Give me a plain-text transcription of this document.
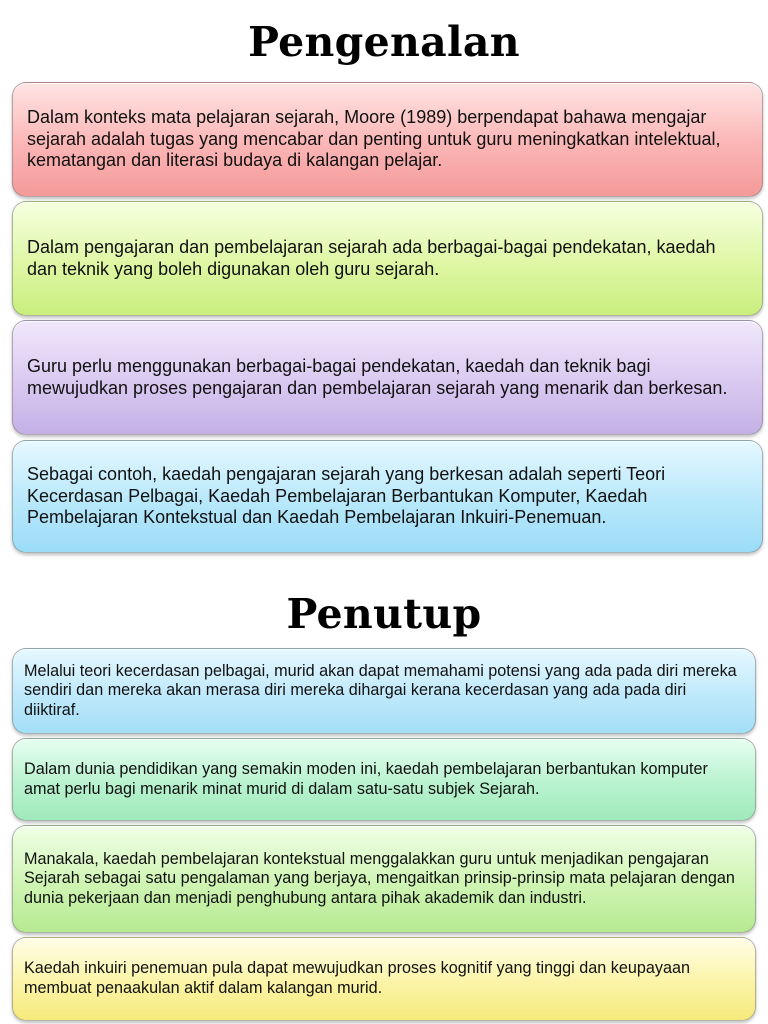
Pengenalan
Dalam konteks mata pelajaran sejarah, Moore (1989) berpendapat bahawa mengajar sejarah adalah tugas yang mencabar dan penting untuk guru meningkatkan intelektual, kematangan dan literasi budaya di kalangan pelajar.
Dalam pengajaran dan pembelajaran sejarah ada berbagai-bagai pendekatan, kaedah dan teknik yang boleh digunakan oleh guru sejarah.
Guru perlu menggunakan berbagai-bagai pendekatan, kaedah dan teknik bagi mewujudkan proses pengajaran dan pembelajaran sejarah yang menarik dan berkesan.
Sebagai contoh, kaedah pengajaran sejarah yang berkesan adalah seperti Teori Kecerdasan Pelbagai, Kaedah Pembelajaran Berbantukan Komputer, Kaedah Pembelajaran Kontekstual dan Kaedah Pembelajaran Inkuiri-Penemuan.
Penutup
Melalui teori kecerdasan pelbagai, murid akan dapat memahami potensi yang ada pada diri mereka sendiri dan mereka akan merasa diri mereka dihargai kerana kecerdasan yang ada pada diri diiktiraf.
Dalam dunia pendidikan yang semakin moden ini, kaedah pembelajaran berbantukan komputer amat perlu bagi menarik minat murid di dalam satu-satu subjek Sejarah.
Manakala, kaedah pembelajaran kontekstual menggalakkan guru untuk menjadikan pengajaran Sejarah sebagai satu pengalaman yang berjaya, mengaitkan prinsip-prinsip mata pelajaran dengan dunia pekerjaan dan menjadi penghubung antara pihak akademik dan industri.
Kaedah inkuiri penemuan pula dapat mewujudkan proses kognitif yang tinggi dan keupayaan membuat penaakulan aktif dalam kalangan murid.
